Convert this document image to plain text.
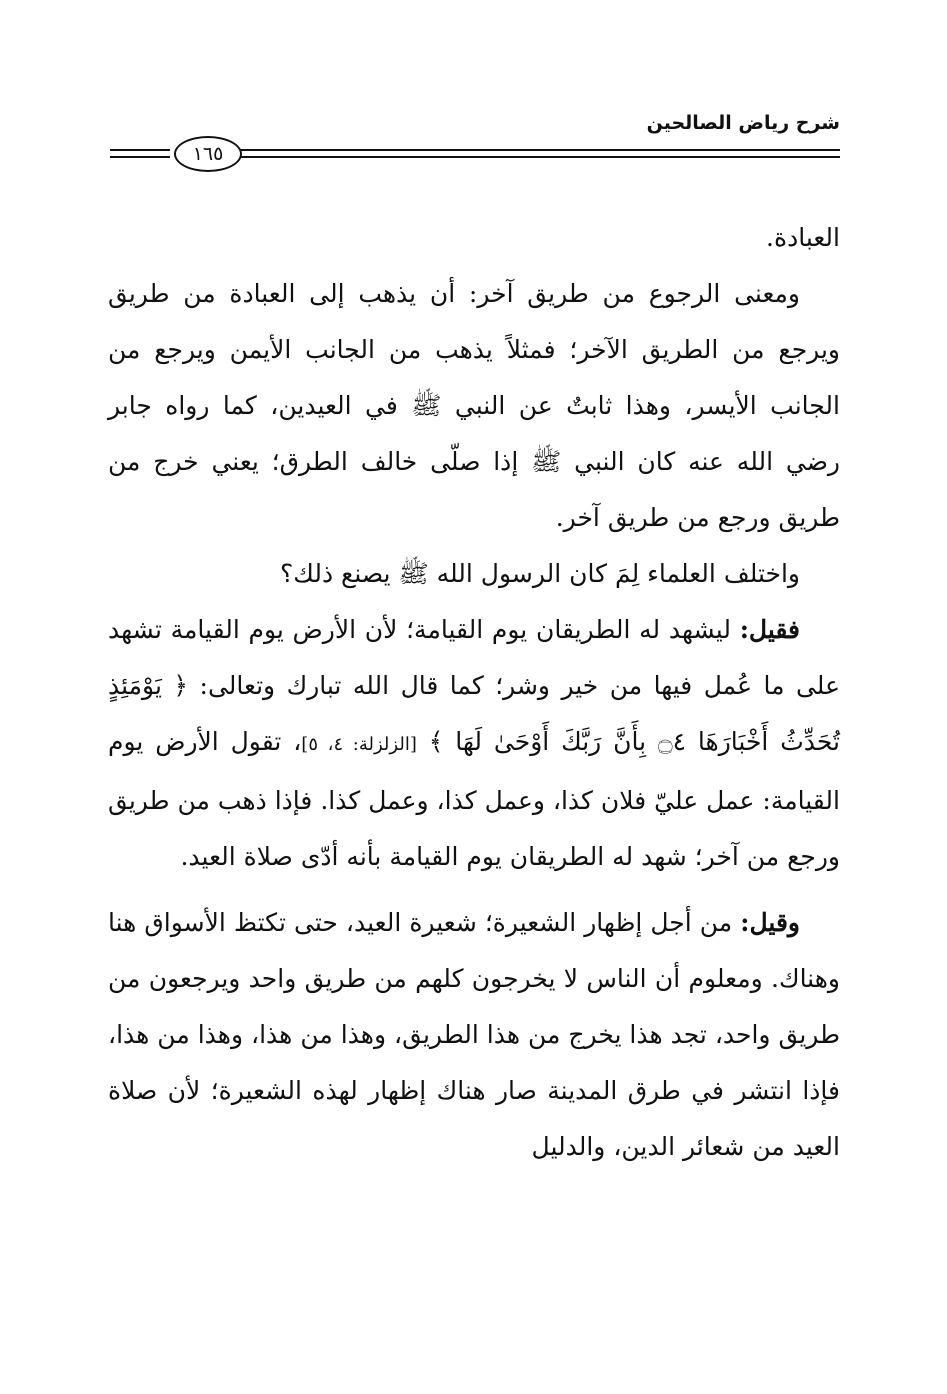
شرح رياض الصالحين
١٦٥

العبادة.

ومعنى الرجوع من طريق آخر: أن يذهب إلى العبادة من طريق ويرجع من الطريق الآخر؛ فمثلاً يذهب من الجانب الأيمن ويرجع من الجانب الأيسر، وهذا ثابتٌ عن النبي ﷺ في العيدين، كما رواه جابر رضي الله عنه كان النبي ﷺ إذا صلّى خالف الطرق؛ يعني خرج من طريق ورجع من طريق آخر.

واختلف العلماء لِمَ كان الرسول الله ﷺ يصنع ذلك؟

فقيل: ليشهد له الطريقان يوم القيامة؛ لأن الأرض يوم القيامة تشهد على ما عُمل فيها من خير وشر؛ كما قال الله تبارك وتعالى: ﴿ يَوْمَئِذٍ تُحَدِّثُ أَخْبَارَهَا ۝٤ بِأَنَّ رَبَّكَ أَوْحَىٰ لَهَا ﴾ [الزلزلة: ٤، ٥]، تقول الأرض يوم القيامة: عمل عليّ فلان كذا، وعمل كذا، وعمل كذا. فإذا ذهب من طريق ورجع من آخر؛ شهد له الطريقان يوم القيامة بأنه أدّى صلاة العيد.

وقيل: من أجل إظهار الشعيرة؛ شعيرة العيد، حتى تكتظ الأسواق هنا وهناك. ومعلوم أن الناس لا يخرجون كلهم من طريق واحد ويرجعون من طريق واحد، تجد هذا يخرج من هذا الطريق، وهذا من هذا، وهذا من هذا، فإذا انتشر في طرق المدينة صار هناك إظهار لهذه الشعيرة؛ لأن صلاة العيد من شعائر الدين، والدليل
